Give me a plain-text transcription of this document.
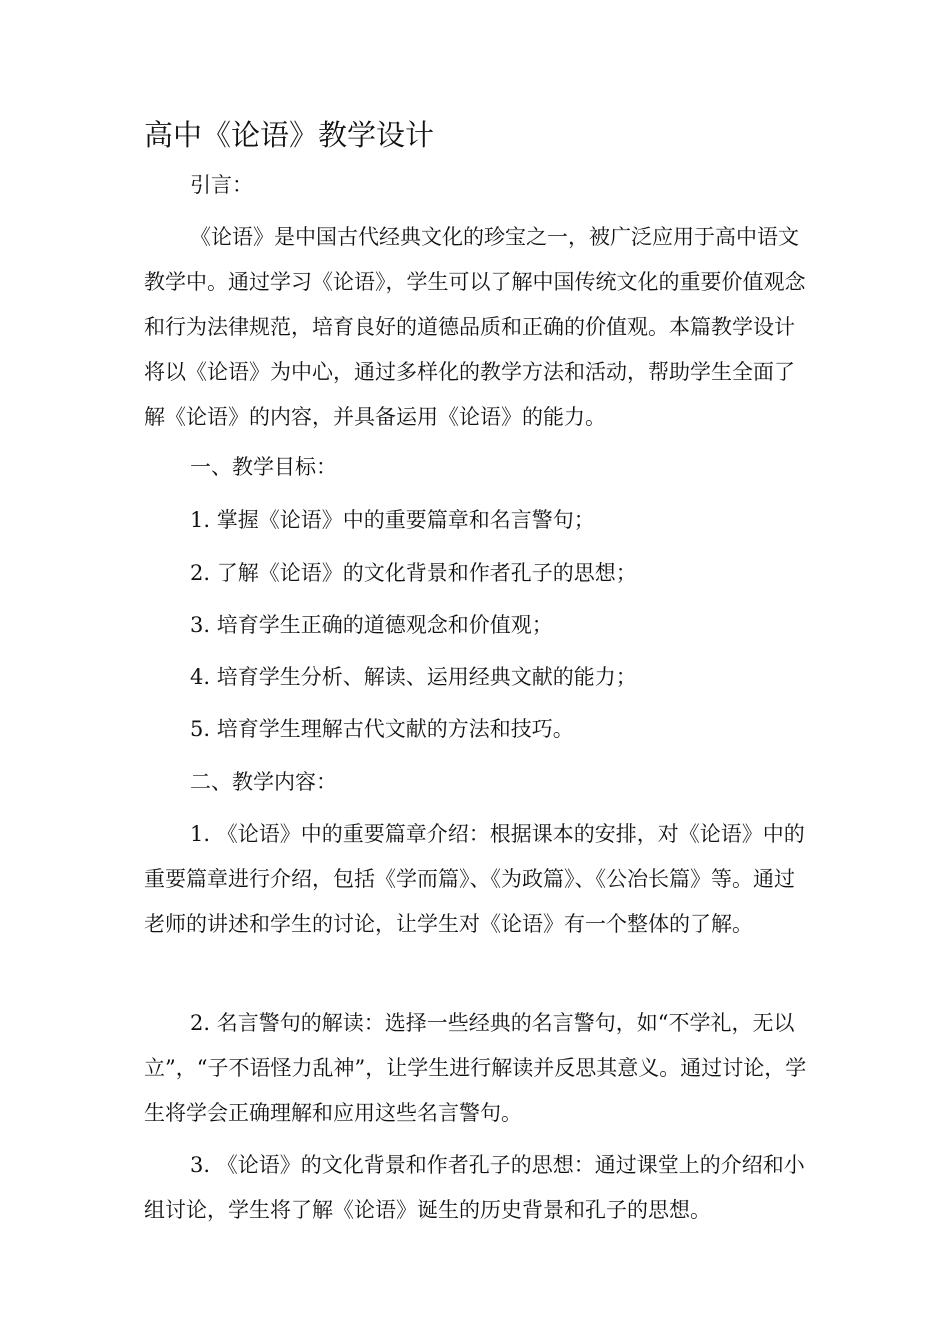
高中《论语》教学设计
引言：

《论语》是中国古代经典文化的珍宝之一，被广泛应用于高中语文教学中。通过学习《论语》，学生可以了解中国传统文化的重要价值观念和行为法律规范，培育良好的道德品质和正确的价值观。本篇教学设计将以《论语》为中心，通过多样化的教学方法和活动，帮助学生全面了解《论语》的内容，并具备运用《论语》的能力。

一、教学目标：
1. 掌握《论语》中的重要篇章和名言警句；
2. 了解《论语》的文化背景和作者孔子的思想；
3. 培育学生正确的道德观念和价值观；
4. 培育学生分析、解读、运用经典文献的能力；
5. 培育学生理解古代文献的方法和技巧。
二、教学内容：

1. 《论语》中的重要篇章介绍：根据课本的安排，对《论语》中的重要篇章进行介绍，包括《学而篇》、《为政篇》、《公冶长篇》等。通过老师的讲述和学生的讨论，让学生对《论语》有一个整体的了解。

2. 名言警句的解读：选择一些经典的名言警句，如“不学礼，无以立”，“子不语怪力乱神”，让学生进行解读并反思其意义。通过讨论，学生将学会正确理解和应用这些名言警句。

3. 《论语》的文化背景和作者孔子的思想：通过课堂上的介绍和小组讨论，学生将了解《论语》诞生的历史背景和孔子的思想。
